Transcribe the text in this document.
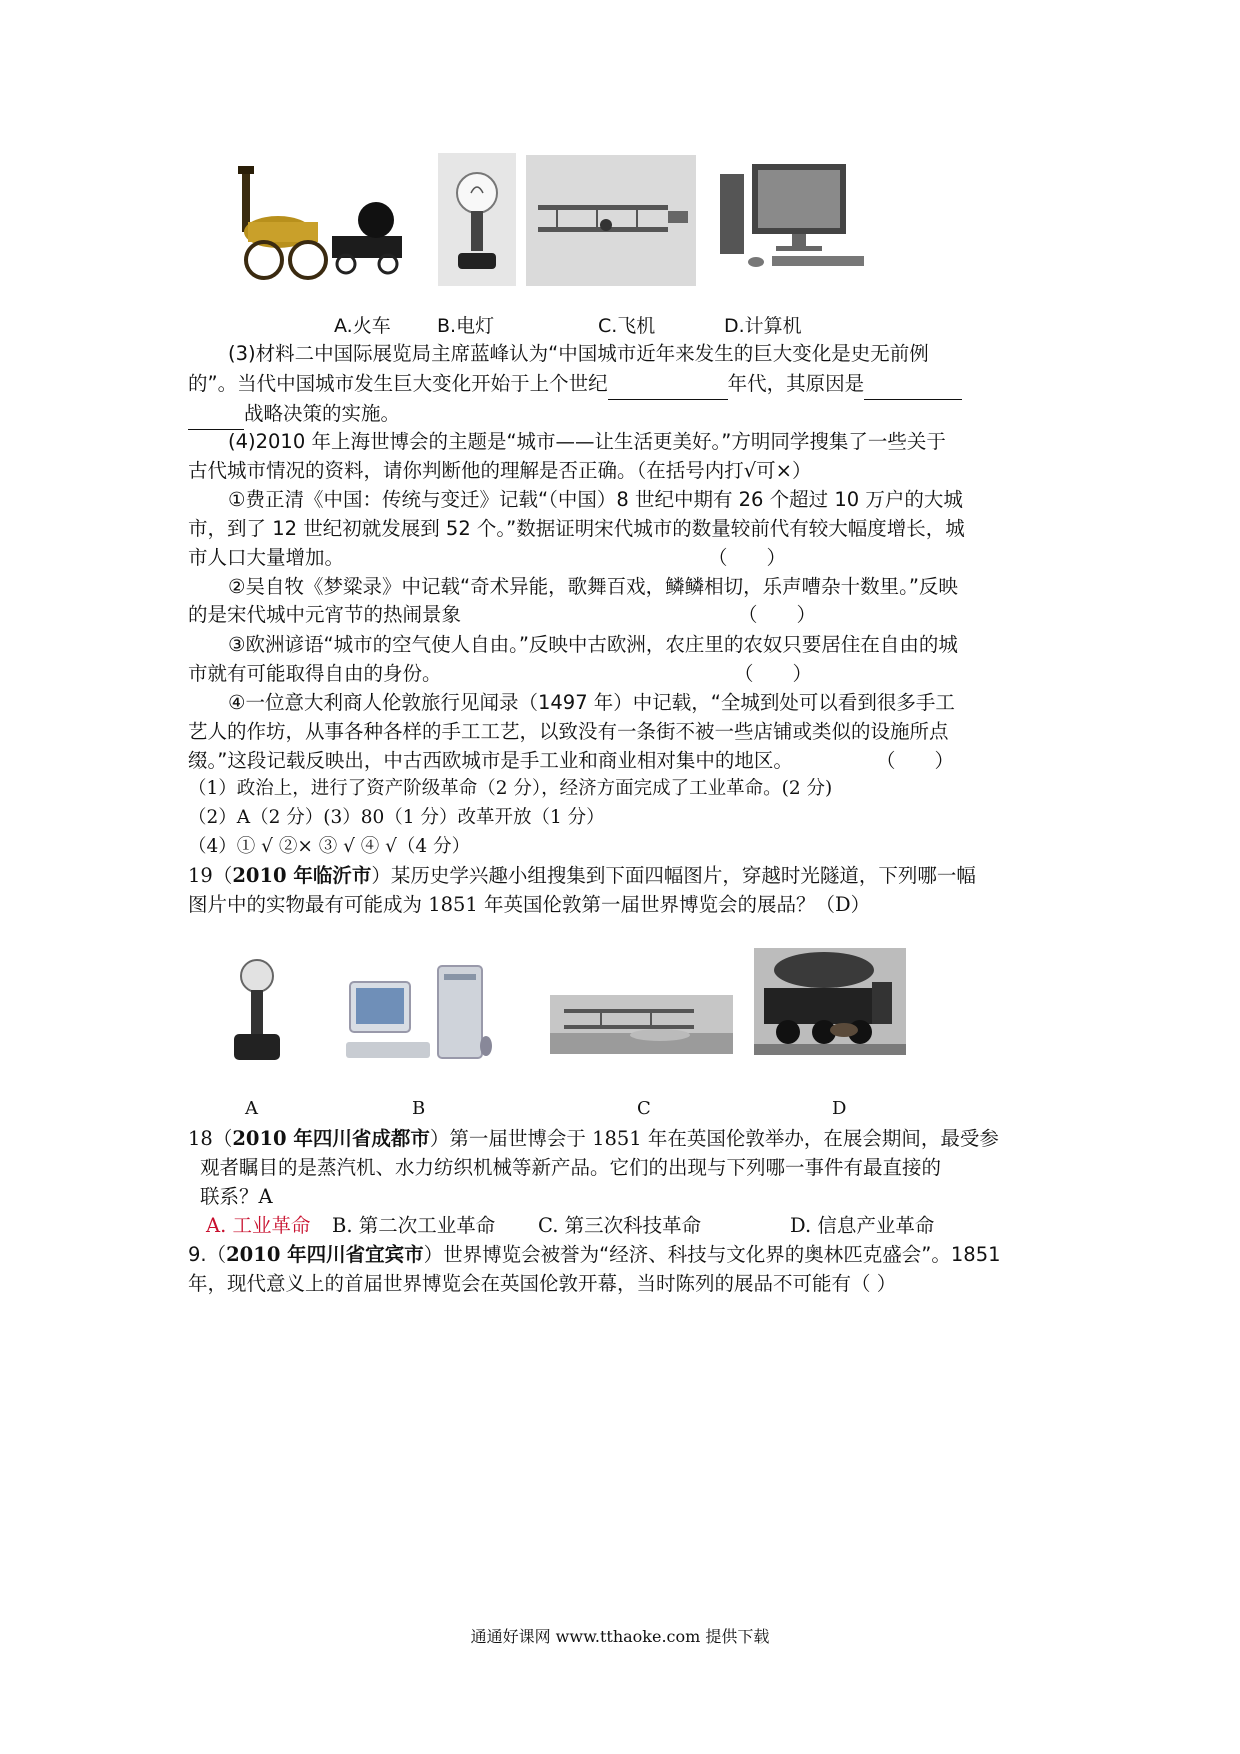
A.火车 B.电灯	C.飞机	D.计算机
(3)材料二中国际展览局主席蓝峰认为“中国城市近年来发生的巨大变化是史无前例
的”。当代中国城市发生巨大变化开始于上个世纪	年代，其原因是
战略决策的实施。
(4)2010 年上海世博会的主题是“城市——让生活更美好。”方明同学搜集了一些关于
古代城市情况的资料，请你判断他的理解是否正确。（在括号内打√可×）
①费正清《中国：传统与变迁》记载“（中国）8 世纪中期有 26 个超过 10 万户的大城
市，到了 12 世纪初就发展到 52 个。”数据证明宋代城市的数量较前代有较大幅度增长，城
市人口大量增加。	（　　）
②吴自牧《梦粱录》中记载“奇术异能，歌舞百戏，鳞鳞相切，乐声嘈杂十数里。”反映
的是宋代城中元宵节的热闹景象	（　　）
③欧洲谚语“城市的空气使人自由。”反映中古欧洲，农庄里的农奴只要居住在自由的城
市就有可能取得自由的身份。	（　　）
④一位意大利商人伦敦旅行见闻录（1497 年）中记载，“全城到处可以看到很多手工
艺人的作坊，从事各种各样的手工工艺，以致没有一条街不被一些店铺或类似的设施所点
缀。”这段记载反映出，中古西欧城市是手工业和商业相对集中的地区。	（　　）
（1）政治上，进行了资产阶级革命（2 分），经济方面完成了工业革命。(2 分)
（2）A（2 分）(3）80（1 分）改革开放（1 分）
（4）① √ ②× ③ √ ④ √（4 分）
19（2010 年临沂市）某历史学兴趣小组搜集到下面四幅图片，穿越时光隧道，下列哪一幅
图片中的实物最有可能成为 1851 年英国伦敦第一届世界博览会的展品？（D）
A	B	C	D
18（2010 年四川省成都市）第一届世博会于 1851 年在英国伦敦举办，在展会期间，最受参
观者瞩目的是蒸汽机、水力纺织机械等新产品。它们的出现与下列哪一事件有最直接的
联系？A
A. 工业革命 B. 第二次工业革命 C. 第三次科技革命	D. 信息产业革命
9.（2010 年四川省宜宾市）世界博览会被誉为“经济、科技与文化界的奥林匹克盛会”。1851
年，现代意义上的首届世界博览会在英国伦敦开幕，当时陈列的展品不可能有（ ）
通通好课网 www.tthaoke.com 提供下载
